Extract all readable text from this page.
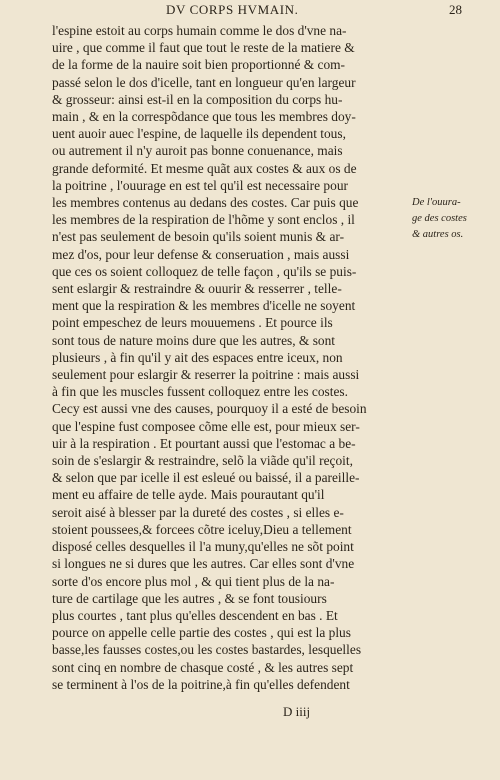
DV CORPS HVMAIN.	28
l'espine estoit au corps humain comme le dos d'vne na-
uire , que comme il faut que tout le reste de la matiere &
de la forme de la nauire soit bien proportionné & com-
passé selon le dos d'icelle, tant en longueur qu'en largeur
& grosseur: ainsi est-il en la composition du corps hu-
main , & en la correspõdance que tous les membres doy-
uent auoir auec l'espine, de laquelle ils dependent tous,
ou autrement il n'y auroit pas bonne conuenance, mais
grande deformité. Et mesme quãt aux costes & aux os de
la poitrine , l'ouurage en est tel qu'il est necessaire pour
les membres contenus au dedans des costes. Car puis que
les membres de la respiration de l'hõme y sont enclos , il
n'est pas seulement de besoin qu'ils soient munis & ar-
mez d'os, pour leur defense & conseruation , mais aussi
que ces os soient colloquez de telle façon , qu'ils se puis-
sent eslargir & restraindre & ouurir & resserrer , telle-
ment que la respiration & les membres d'icelle ne soyent
point empeschez de leurs mouuemens . Et pource ils
sont tous de nature moins dure que les autres, & sont
plusieurs , à fin qu'il y ait des espaces entre iceux, non
seulement pour eslargir & reserrer la poitrine : mais aussi
à fin que les muscles fussent colloquez entre les costes.
Cecy est aussi vne des causes, pourquoy il a esté de besoin
que l'espine fust composee cõme elle est, pour mieux ser-
uir à la respiration . Et pourtant aussi que l'estomac a be-
soin de s'eslargir & restraindre, selõ la viãde qu'il reçoit,
& selon que par icelle il est esleué ou baissé, il a pareille-
ment eu affaire de telle ayde. Mais pourautant qu'il
seroit aisé à blesser par la dureté des costes , si elles e-
stoient poussees,& forcees cõtre iceluy,Dieu a tellement
disposé celles desquelles il l'a muny,qu'elles ne sõt point
si longues ne si dures que les autres. Car elles sont d'vne
sorte d'os encore plus mol , & qui tient plus de la na-
ture de cartilage que les autres , & se font tousiours
plus courtes , tant plus qu'elles descendent en bas . Et
pource on appelle celle partie des costes , qui est la plus
basse,les fausses costes,ou les costes bastardes, lesquelles
sont cinq en nombre de chasque costé , & les autres sept
se terminent à l'os de la poitrine,à fin qu'elles defendent
De l'ouura-
ge des costes
& autres os.
D iiij
